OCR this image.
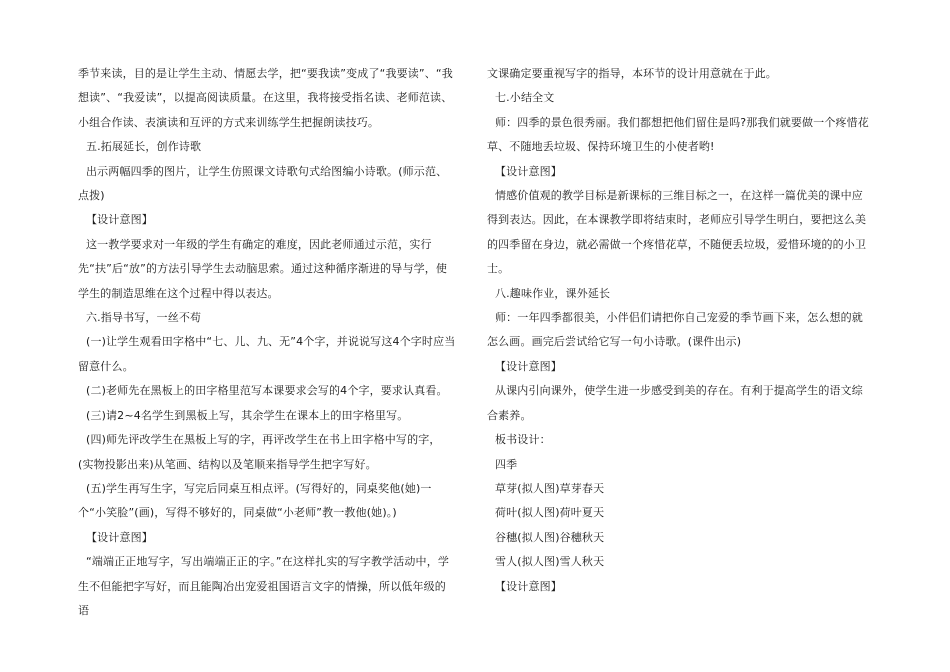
季节来读，目的是让学生主动、情愿去学，把“要我读”变成了“我要读”、“我想读”、“我爱读”，以提高阅读质量。在这里，我将接受指名读、老师范读、小组合作读、表演读和互评的方式来训练学生把握朗读技巧。

五.拓展延长，创作诗歌

出示两幅四季的图片，让学生仿照课文诗歌句式给图编小诗歌。(师示范、点拨)

【设计意图】

这一教学要求对一年级的学生有确定的难度，因此老师通过示范，实行先“扶”后“放”的方法引导学生去动脑思索。通过这种循序渐进的导与学，使学生的制造思维在这个过程中得以表达。

六.指导书写，一丝不苟

(一)让学生观看田字格中“七、儿、九、无”4个字，并说说写这4个字时应当留意什么。

(二)老师先在黑板上的田字格里范写本课要求会写的4个字，要求认真看。

(三)请2~4名学生到黑板上写，其余学生在课本上的田字格里写。

(四)师先评改学生在黑板上写的字，再评改学生在书上田字格中写的字，(实物投影出来)从笔画、结构以及笔顺来指导学生把字写好。

(五)学生再写生字，写完后同桌互相点评。(写得好的，同桌奖他(她)一个“小笑脸”(画)，写得不够好的，同桌做“小老师”教一教他(她)。)

【设计意图】

“端端正正地写字，写出端端正正的字。”在这样扎实的写字教学活动中，学生不但能把字写好，而且能陶冶出宠爱祖国语言文字的情操，所以低年级的语

文课确定要重视写字的指导，本环节的设计用意就在于此。

七.小结全文

师：四季的景色很秀丽。我们都想把他们留住是吗?那我们就要做一个疼惜花草、不随地丢垃圾、保持环境卫生的小使者哟!

【设计意图】

情感价值观的教学目标是新课标的三维目标之一，在这样一篇优美的课中应得到表达。因此，在本课教学即将结束时，老师应引导学生明白，要把这么美的四季留在身边，就必需做一个疼惜花草，不随便丢垃圾，爱惜环境的的小卫士。

八.趣味作业，课外延长

师：一年四季都很美，小伴侣们请把你自己宠爱的季节画下来，怎么想的就怎么画。画完后尝试给它写一句小诗歌。(课件出示)

【设计意图】

从课内引向课外，使学生进一步感受到美的存在。有利于提高学生的语文综合素养。

板书设计：

四季

草芽(拟人图)草芽春天

荷叶(拟人图)荷叶夏天

谷穗(拟人图)谷穗秋天

雪人(拟人图)雪人秋天

【设计意图】
